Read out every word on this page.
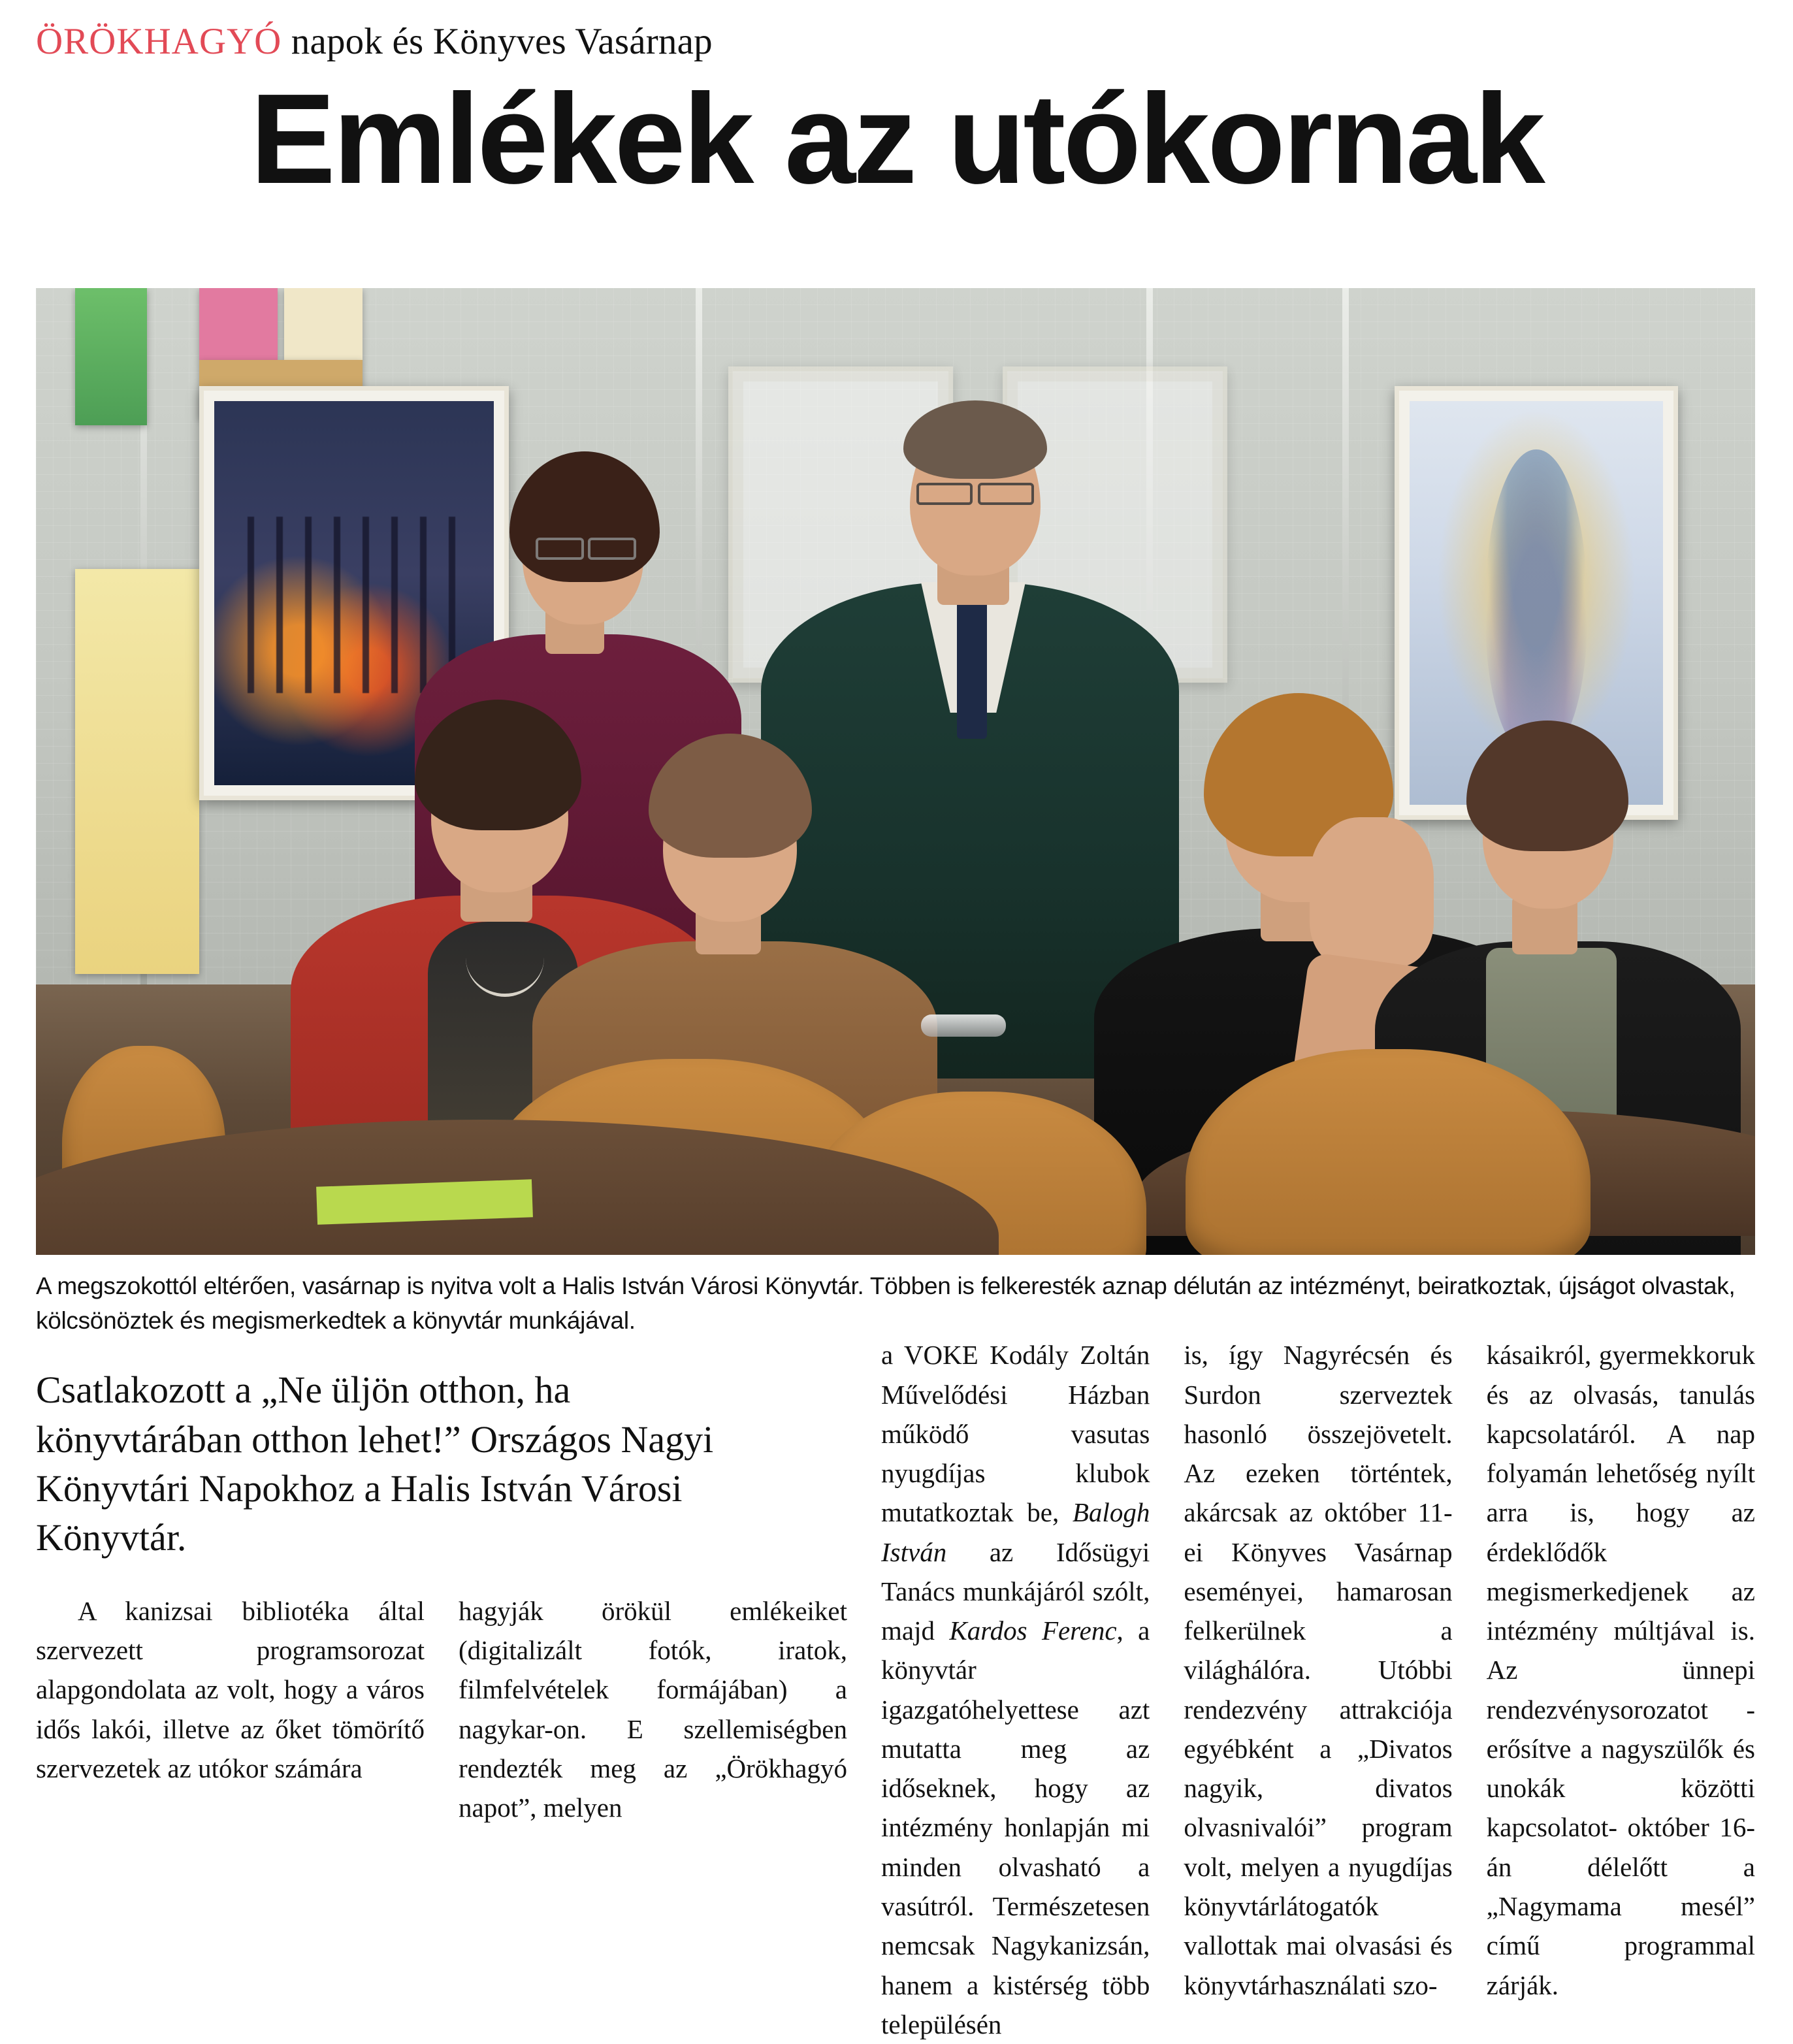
ÖRÖKHAGYÓ napok és Könyves Vasárnap
Emlékek az utókornak
A megszokottól eltérően, vasárnap is nyitva volt a Halis István Városi Könyvtár. Többen is felkeresték aznap délután az intézményt, beiratkoztak, újságot olvastak, kölcsönöztek és megismerkedtek a könyvtár munkájával.
Csatlakozott a „Ne üljön otthon, ha könyvtárában otthon lehet!” Országos Nagyi Könyvtári Napokhoz a Halis István Városi Könyvtár.

A kanizsai bibliotéka által szervezett programsorozat alapgondolata az volt, hogy a város idős lakói, illetve az őket tömörítő szervezetek az utókor számára

hagyják örökül emlékeiket (digitalizált fotók, iratok, filmfelvételek formájában) a nagykar-on. E szellemiségben rendezték meg az „Örökhagyó napot”, melyen

a VOKE Kodály Zoltán Művelődési Házban működő vasutas nyugdíjas klubok mutatkoztak be, Balogh István az Idősügyi Tanács munkájáról szólt, majd Kardos Ferenc, a könyvtár igazgatóhelyettese azt mutatta meg az időseknek, hogy az intézmény honlapján mi minden olvasható a vasútról. Természetesen nemcsak Nagykanizsán, hanem a kistérség több településén

is, így Nagyrécsén és Surdon szerveztek hasonló összejövetelt. Az ezeken történtek, akárcsak az október 11-ei Könyves Vasárnap eseményei, hamarosan felkerülnek a világhálóra. Utóbbi rendezvény attrakciója egyébként a „Divatos nagyik, divatos olvasnivalói” program volt, melyen a nyugdíjas könyvtárlátogatók vallottak mai olvasási és könyvtárhasználati szo-

kásaikról, gyermekkoruk és az olvasás, tanulás kapcsolatáról. A nap folyamán lehetőség nyílt arra is, hogy az érdeklődők megismerkedjenek az intézmény múltjával is. Az ünnepi rendezvénysorozatot -erősítve a nagyszülők és unokák közötti kapcsolatot- október 16-án délelőtt a „Nagymama mesél” című programmal zárják.
